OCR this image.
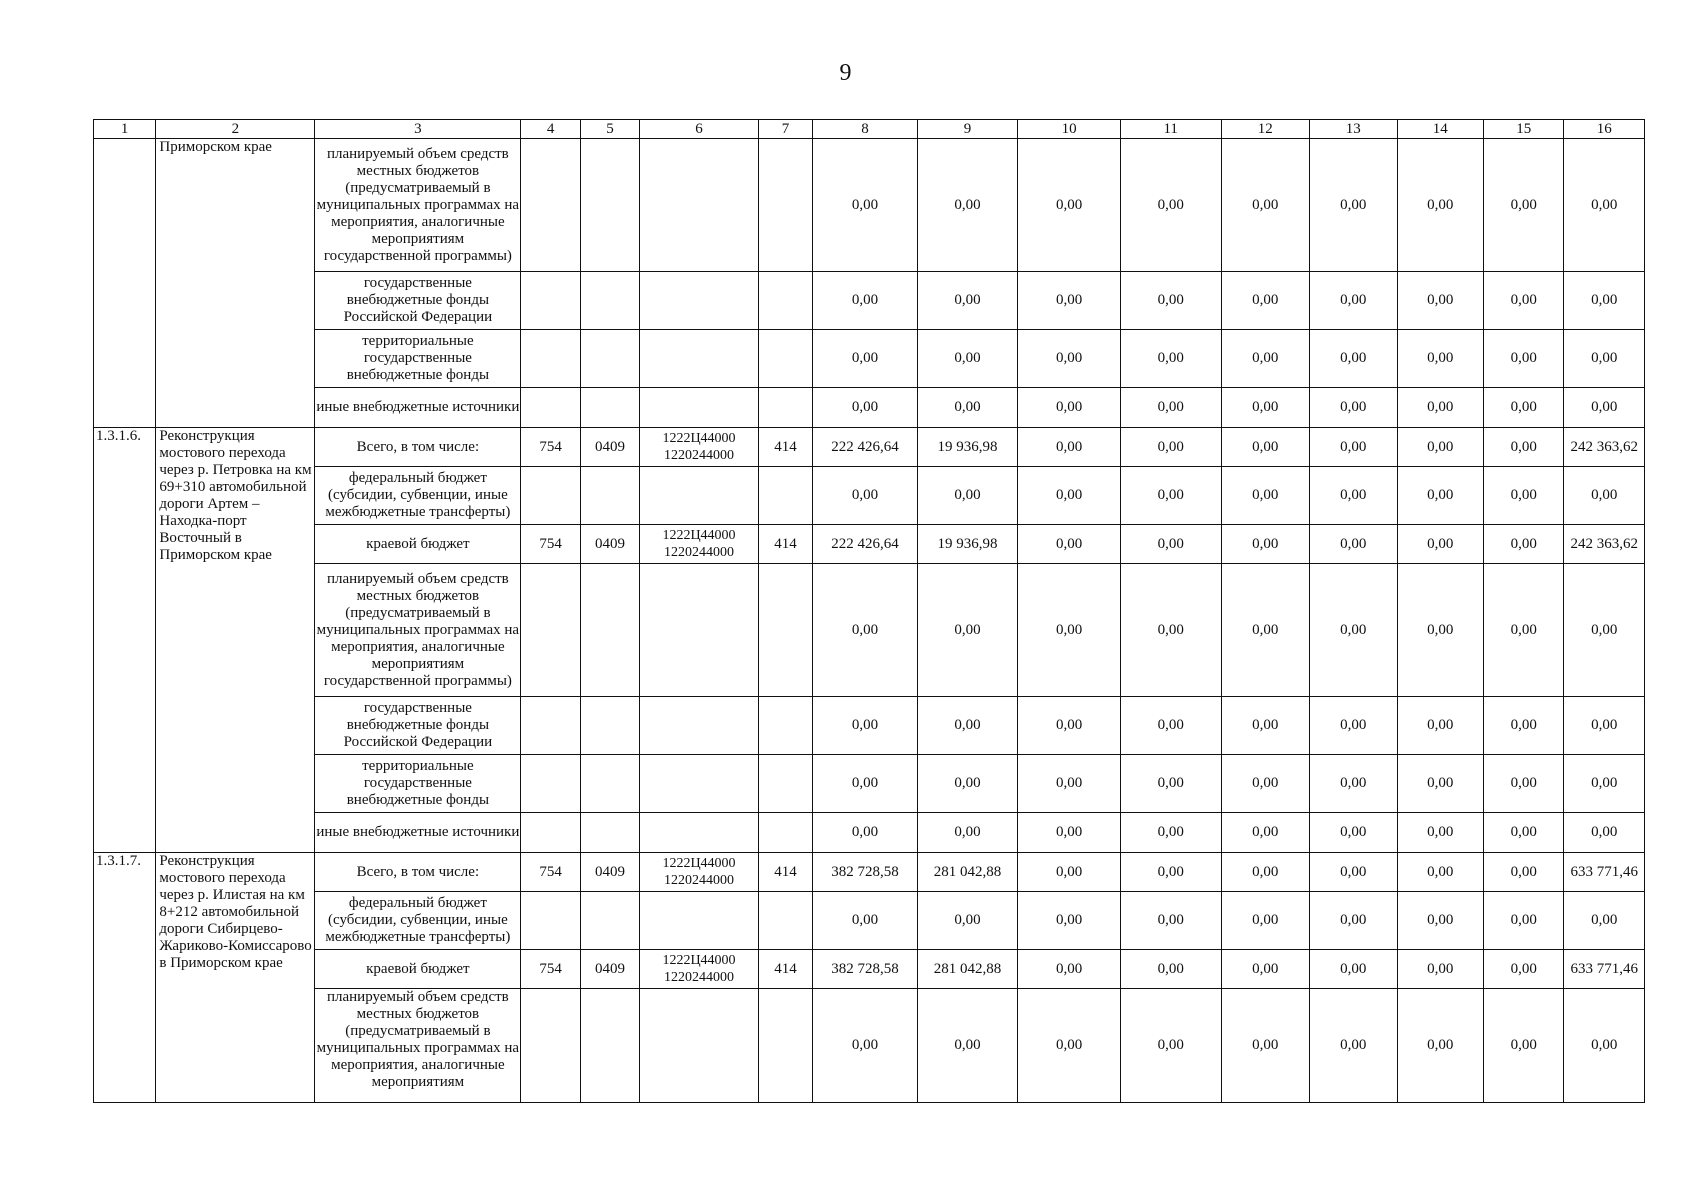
9
1	2	3	4	5	6	7	8	9	10	11	12	13	14	15	16
	Приморском крае	планируемый объем средств местных бюджетов (предусматриваемый в муниципальных программах на мероприятия, аналогичные мероприятиям государственной программы)					0,00	0,00	0,00	0,00	0,00	0,00	0,00	0,00	0,00
		государственные внебюджетные фонды Российской Федерации					0,00	0,00	0,00	0,00	0,00	0,00	0,00	0,00	0,00
		территориальные государственные внебюджетные фонды					0,00	0,00	0,00	0,00	0,00	0,00	0,00	0,00	0,00
		иные внебюджетные источники					0,00	0,00	0,00	0,00	0,00	0,00	0,00	0,00	0,00
1.3.1.6.	Реконструкция мостового перехода через р. Петровка на км 69+310 автомобильной дороги Артем – Находка-порт Восточный в Приморском крае	Всего, в том числе:	754	0409	1222Ц44000 1220244000	414	222 426,64	19 936,98	0,00	0,00	0,00	0,00	0,00	0,00	242 363,62
		федеральный бюджет (субсидии, субвенции, иные межбюджетные трансферты)					0,00	0,00	0,00	0,00	0,00	0,00	0,00	0,00	0,00
		краевой бюджет	754	0409	1222Ц44000 1220244000	414	222 426,64	19 936,98	0,00	0,00	0,00	0,00	0,00	0,00	242 363,62
		планируемый объем средств местных бюджетов (предусматриваемый в муниципальных программах на мероприятия, аналогичные мероприятиям государственной программы)					0,00	0,00	0,00	0,00	0,00	0,00	0,00	0,00	0,00
		государственные внебюджетные фонды Российской Федерации					0,00	0,00	0,00	0,00	0,00	0,00	0,00	0,00	0,00
		территориальные государственные внебюджетные фонды					0,00	0,00	0,00	0,00	0,00	0,00	0,00	0,00	0,00
		иные внебюджетные источники					0,00	0,00	0,00	0,00	0,00	0,00	0,00	0,00	0,00
1.3.1.7.	Реконструкция мостового перехода через р. Илистая на км 8+212 автомобильной дороги Сибирцево-Жариково-Комиссарово в Приморском крае	Всего, в том числе:	754	0409	1222Ц44000 1220244000	414	382 728,58	281 042,88	0,00	0,00	0,00	0,00	0,00	0,00	633 771,46
		федеральный бюджет (субсидии, субвенции, иные межбюджетные трансферты)					0,00	0,00	0,00	0,00	0,00	0,00	0,00	0,00	0,00
		краевой бюджет	754	0409	1222Ц44000 1220244000	414	382 728,58	281 042,88	0,00	0,00	0,00	0,00	0,00	0,00	633 771,46
		планируемый объем средств местных бюджетов (предусматриваемый в муниципальных программах на мероприятия, аналогичные мероприятиям					0,00	0,00	0,00	0,00	0,00	0,00	0,00	0,00	0,00
